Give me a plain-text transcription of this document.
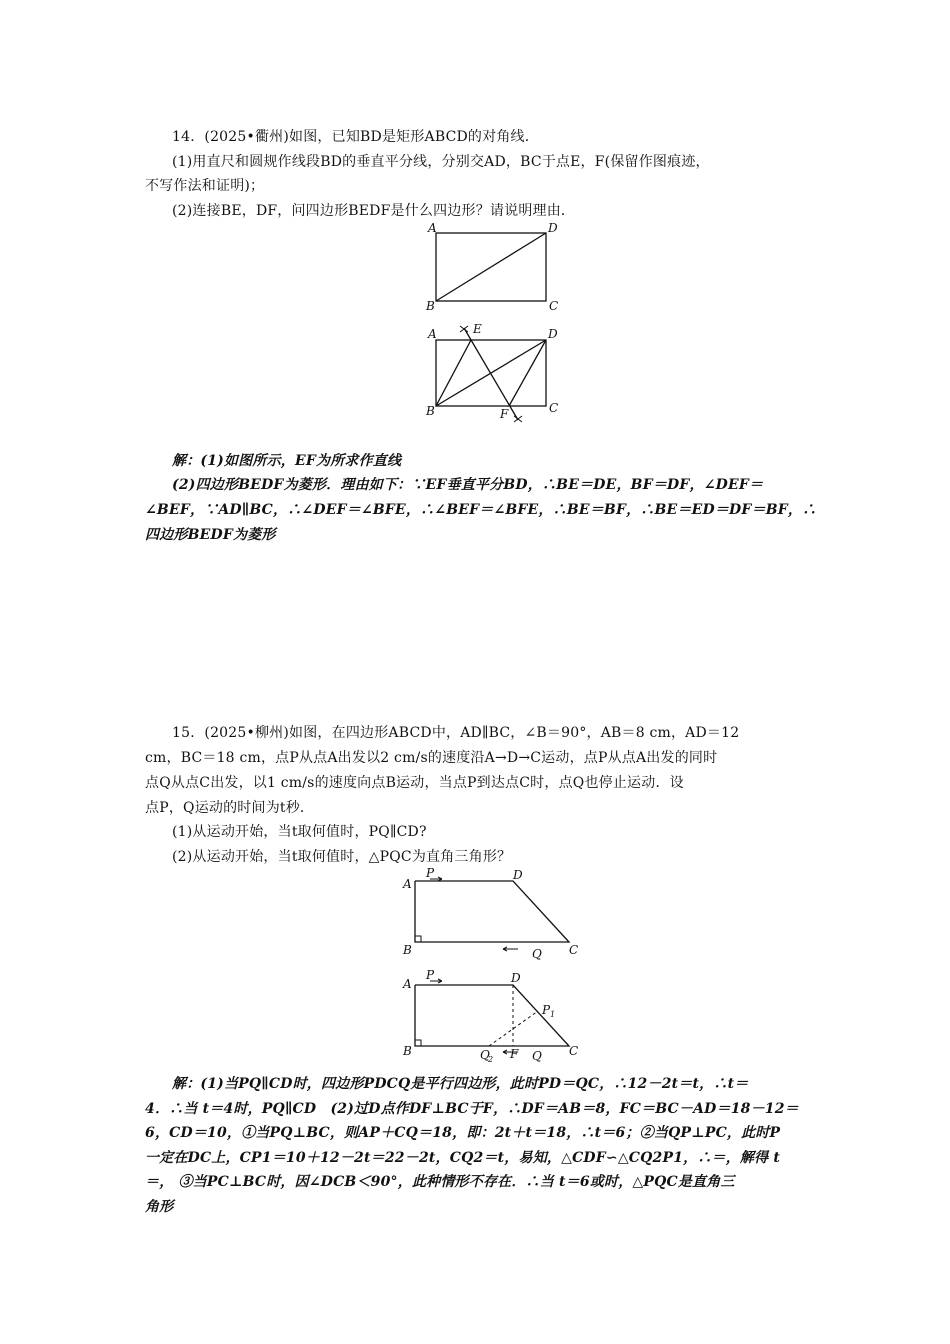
14．(2025•衢州)如图，已知BD是矩形ABCD的对角线．
(1)用直尺和圆规作线段BD的垂直平分线，分别交AD，BC于点E，F(保留作图痕迹，
不写作法和证明)；
(2)连接BE，DF，问四边形BEDF是什么四边形？请说明理由．
A	D
B	C
A	E	D
B	F	C
解：(1)如图所示，EF为所求作直线
(2)四边形BEDF为菱形．理由如下：∵EF垂直平分BD，∴BE＝DE，BF＝DF，∠DEF＝
∠BEF，∵AD∥BC，∴∠DEF＝∠BFE，∴∠BEF＝∠BFE，∴BE＝BF，∴BE＝ED＝DF＝BF，∴
四边形BEDF为菱形
15．(2025•柳州)如图，在四边形ABCD中，AD∥BC，∠B＝90°，AB＝8 cm，AD＝12
cm，BC＝18 cm，点P从点A出发以2 cm/s的速度沿A→D→C运动，点P从点A出发的同时
点Q从点C出发，以1 cm/s的速度向点B运动，当点P到达点C时，点Q也停止运动．设
点P，Q运动的时间为t秒．
(1)从运动开始，当t取何值时，PQ∥CD?
(2)从运动开始，当t取何值时，△PQC为直角三角形？
A
P	D
B	Q C
A
P	D
P 1
B	Q
2 F Q C
解：(1)当PQ∥CD时，四边形PDCQ是平行四边形，此时PD＝QC，∴12－2t＝t，∴t＝
4．∴当 t＝4时，PQ∥CD　(2)过D点作DF⊥BC于F，∴DF＝AB＝8，FC＝BC－AD＝18－12＝
6，CD＝10，①当PQ⊥BC，则AP＋CQ＝18，即：2t＋t＝18，∴t＝6；②当QP⊥PC，此时P
一定在DC上，CP1＝10＋12－2t＝22－2t，CQ2＝t，易知，△CDF∽△CQ2P1，∴＝，解得 t
＝， ③当PC⊥BC时，因∠DCB＜90°，此种情形不存在．∴当 t＝6或时，△PQC是直角三
角形
